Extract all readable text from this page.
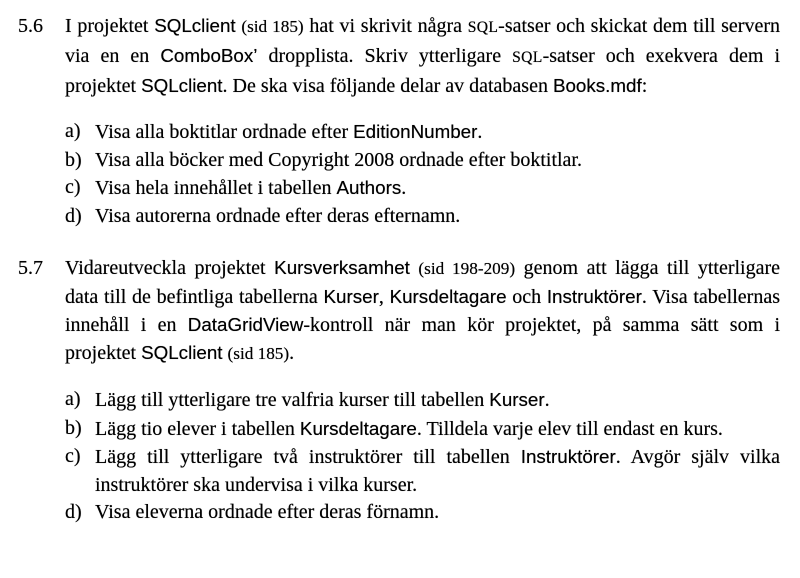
5.6 I projektet SQLclient (sid 185) hat vi skrivit några SQL-satser och skickat dem till servern via en en ComboBox’ dropplista. Skriv ytterligare SQL-satser och exekvera dem i projektet SQLclient. De ska visa följande delar av databasen Books.mdf:

a) Visa alla boktitlar ordnade efter EditionNumber.
b) Visa alla böcker med Copyright 2008 ordnade efter boktitlar.
c) Visa hela innehållet i tabellen Authors.
d) Visa autorerna ordnade efter deras efternamn.
5.7 Vidareutveckla projektet Kursverksamhet (sid 198-209) genom att lägga till ytterligare data till de befintliga tabellerna Kurser, Kursdeltagare och Instruktörer. Visa tabellernas innehåll i en DataGridView-kontroll när man kör projektet, på samma sätt som i projektet SQLclient (sid 185).

a) Lägg till ytterligare tre valfria kurser till tabellen Kurser.
b) Lägg tio elever i tabellen Kursdeltagare. Tilldela varje elev till endast en kurs.
c) Lägg till ytterligare två instruktörer till tabellen Instruktörer. Avgör själv vilka instruktörer ska undervisa i vilka kurser.
d) Visa eleverna ordnade efter deras förnamn.
